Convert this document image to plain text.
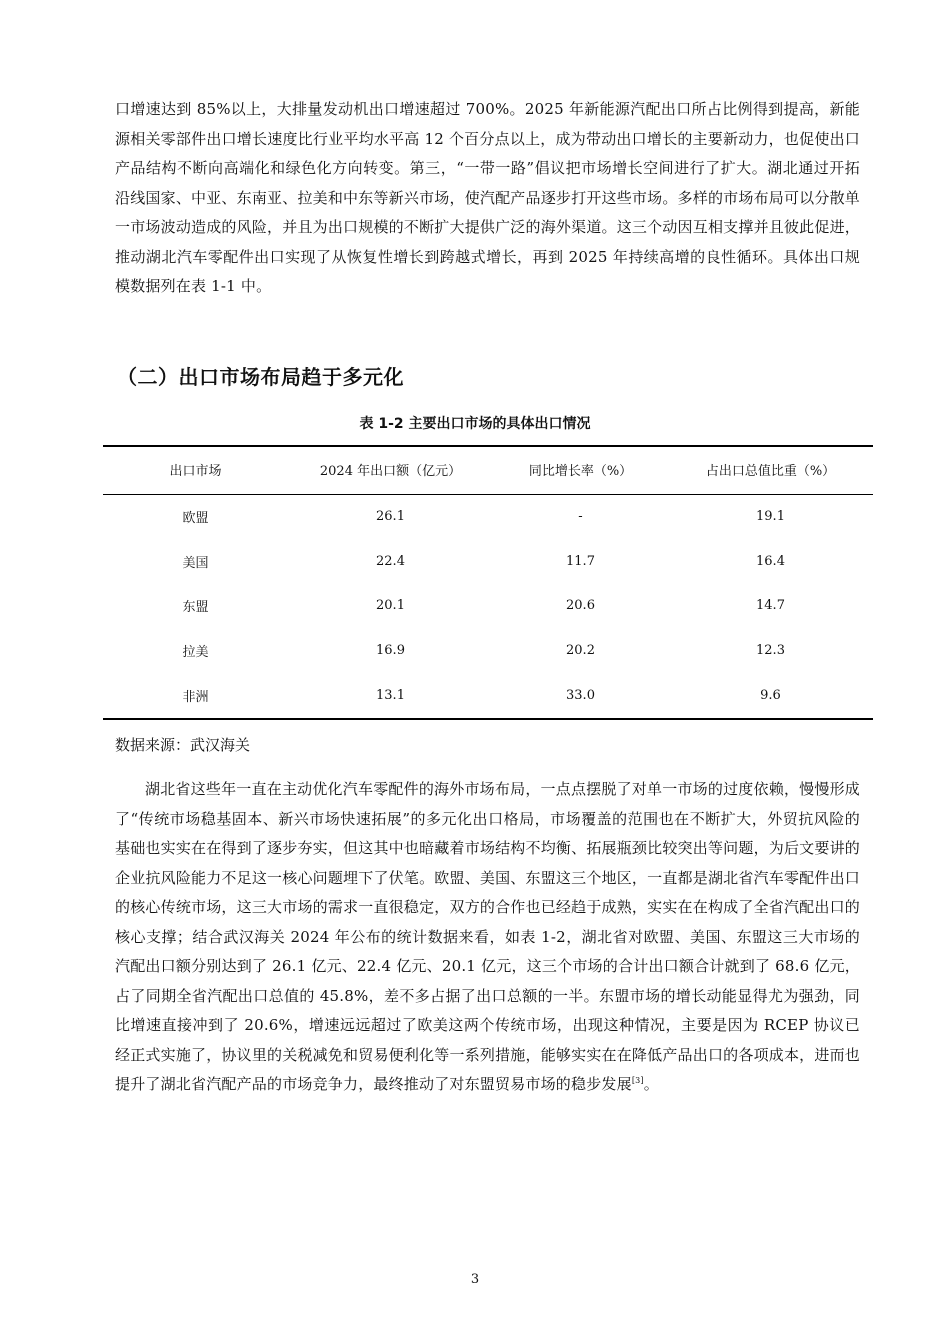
口增速达到 85%以上，大排量发动机出口增速超过 700%。2025 年新能源汽配出口所占比例得到提高，新能源相关零部件出口增长速度比行业平均水平高 12 个百分点以上，成为带动出口增长的主要新动力，也促使出口产品结构不断向高端化和绿色化方向转变。第三，“一带一路”倡议把市场增长空间进行了扩大。湖北通过开拓沿线国家、中亚、东南亚、拉美和中东等新兴市场，使汽配产品逐步打开这些市场。多样的市场布局可以分散单一市场波动造成的风险，并且为出口规模的不断扩大提供广泛的海外渠道。这三个动因互相支撑并且彼此促进，推动湖北汽车零配件出口实现了从恢复性增长到跨越式增长，再到 2025 年持续高增的良性循环。具体出口规模数据列在表 1-1 中。
（二）出口市场布局趋于多元化
表 1-2 主要出口市场的具体出口情况
出口市场	2024 年出口额（亿元）	同比增长率（%）	占出口总值比重（%）
欧盟	26.1	-	19.1
美国	22.4	11.7	16.4
东盟	20.1	20.6	14.7
拉美	16.9	20.2	12.3
非洲	13.1	33.0	9.6
数据来源：武汉海关
湖北省这些年一直在主动优化汽车零配件的海外市场布局，一点点摆脱了对单一市场的过度依赖，慢慢形成了“传统市场稳基固本、新兴市场快速拓展”的多元化出口格局，市场覆盖的范围也在不断扩大，外贸抗风险的基础也实实在在得到了逐步夯实，但这其中也暗藏着市场结构不均衡、拓展瓶颈比较突出等问题，为后文要讲的企业抗风险能力不足这一核心问题埋下了伏笔。欧盟、美国、东盟这三个地区，一直都是湖北省汽车零配件出口的核心传统市场，这三大市场的需求一直很稳定，双方的合作也已经趋于成熟，实实在在构成了全省汽配出口的核心支撑；结合武汉海关 2024 年公布的统计数据来看，如表 1-2，湖北省对欧盟、美国、东盟这三大市场的汽配出口额分别达到了 26.1 亿元、22.4 亿元、20.1 亿元，这三个市场的合计出口额合计就到了 68.6 亿元，占了同期全省汽配出口总值的 45.8%，差不多占据了出口总额的一半。东盟市场的增长动能显得尤为强劲，同比增速直接冲到了 20.6%，增速远远超过了欧美这两个传统市场，出现这种情况，主要是因为 RCEP 协议已经正式实施了，协议里的关税减免和贸易便利化等一系列措施，能够实实在在降低产品出口的各项成本，进而也提升了湖北省汽配产品的市场竞争力，最终推动了对东盟贸易市场的稳步发展[3]。
3
